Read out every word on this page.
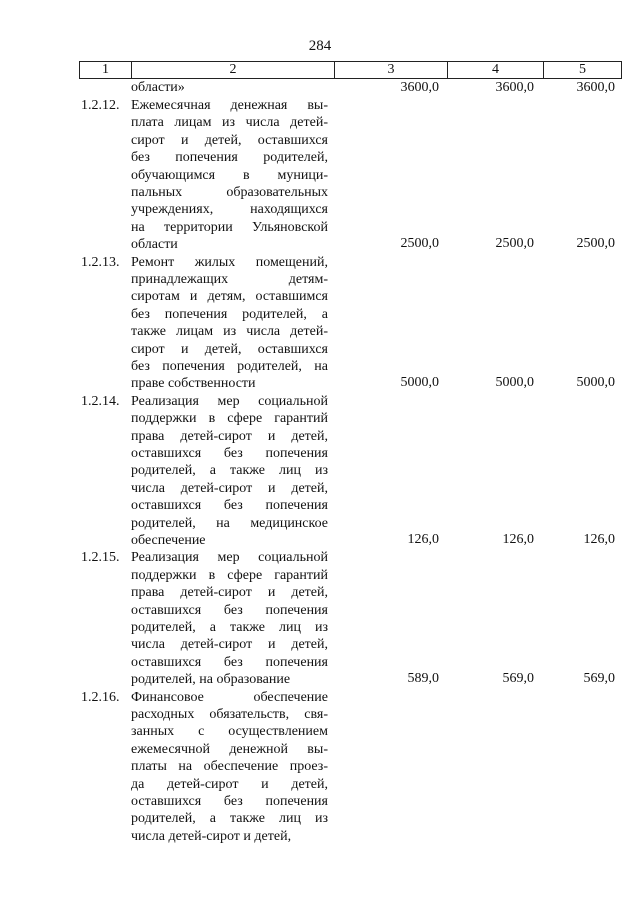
284
1	2	3	4	5
области»	3600,0	3600,0	3600,0
1.2.12. Ежемесячная денежная вы-
плата лицам из числа детей-
сирот и детей, оставшихся
без попечения родителей,
обучающимся в муници-
пальных образовательных
учреждениях, находящихся
на территории Ульяновской
области	2500,0	2500,0	2500,0
1.2.13. Ремонт жилых помещений,
принадлежащих детям-
сиротам и детям, оставшимся
без попечения родителей, а
также лицам из числа детей-
сирот и детей, оставшихся
без попечения родителей, на
праве собственности	5000,0	5000,0	5000,0
1.2.14. Реализация мер социальной
поддержки в сфере гарантий
права детей-сирот и детей,
оставшихся без попечения
родителей, а также лиц из
числа детей-сирот и детей,
оставшихся без попечения
родителей, на медицинское
обеспечение	126,0	126,0	126,0
1.2.15. Реализация мер социальной
поддержки в сфере гарантий
права детей-сирот и детей,
оставшихся без попечения
родителей, а также лиц из
числа детей-сирот и детей,
оставшихся без попечения
родителей, на образование	589,0	569,0	569,0
1.2.16. Финансовое обеспечение
расходных обязательств, свя-
занных с осуществлением
ежемесячной денежной вы-
платы на обеспечение проез-
да детей-сирот и детей,
оставшихся без попечения
родителей, а также лиц из
числа детей-сирот и детей,
